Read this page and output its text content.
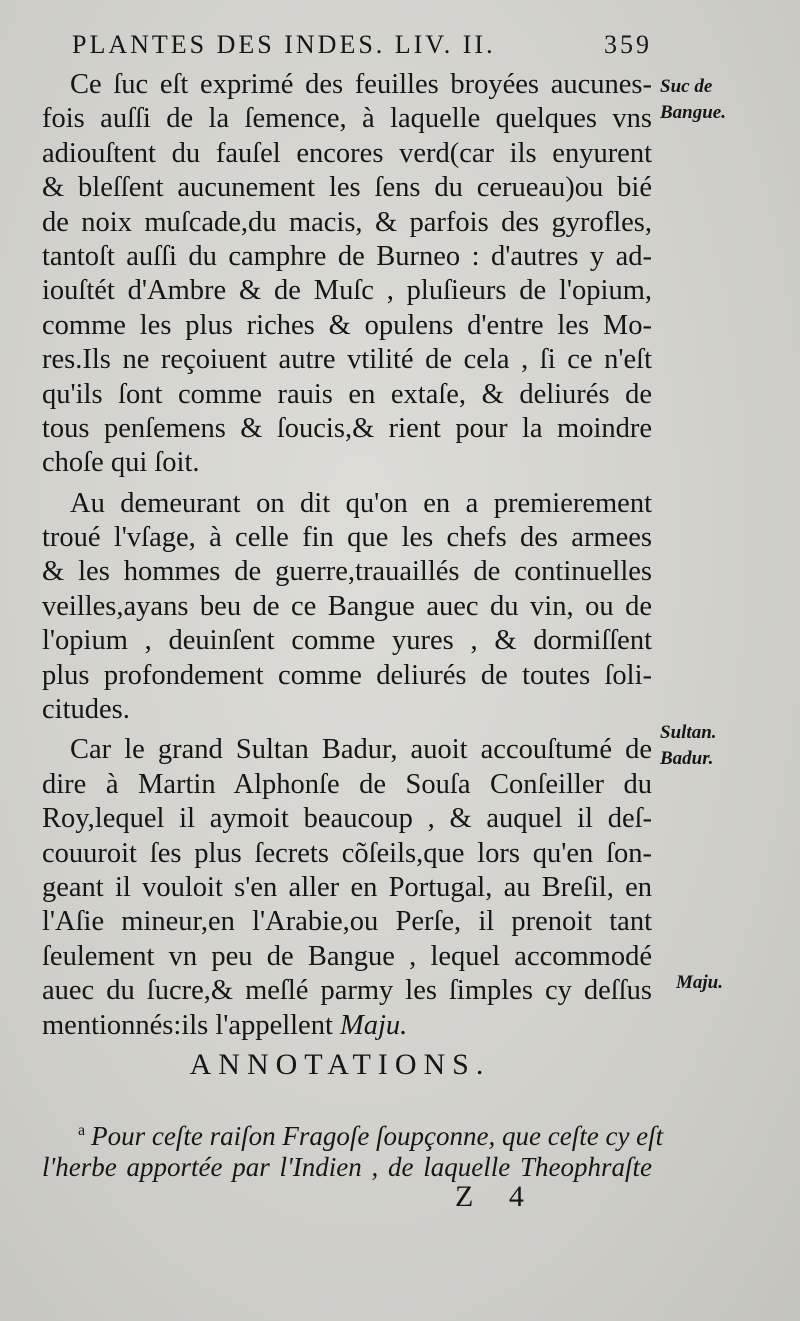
PLANTES DES INDES. LIV. II.	359
Ce ſuc eſt exprimé des feuilles broyées aucunes-
fois auſſi de la ſemence, à laquelle quelques vns
adiouſtent du fauſel encores verd(car ils enyurent
& bleſſent aucunement les ſens du cerueau)ou bié
de noix muſcade,du macis, & parfois des gyrofles,
tantoſt auſſi du camphre de Burneo : d'autres y ad-
iouſtét d'Ambre & de Muſc , pluſieurs de l'opium,
comme les plus riches & opulens d'entre les Mo-
res.Ils ne reçoiuent autre vtilité de cela , ſi ce n'eſt
qu'ils ſont comme rauis en extaſe, & deliurés de
tous penſemens & ſoucis,& rient pour la moindre
choſe qui ſoit.
Au demeurant on dit qu'on en a premierement
troué l'vſage, à celle fin que les chefs des armees
& les hommes de guerre,trauaillés de continuelles
veilles,ayans beu de ce Bangue auec du vin, ou de
l'opium , deuinſent comme yures , & dormiſſent
plus profondement comme deliurés de toutes ſoli-
citudes.
Car le grand Sultan Badur, auoit accouſtumé de
dire à Martin Alphonſe de Souſa Conſeiller du
Roy,lequel il aymoit beaucoup , & auquel il deſ-
couuroit ſes plus ſecrets cõſeils,que lors qu'en ſon-
geant il vouloit s'en aller en Portugal, au Breſil, en
l'Aſie mineur,en l'Arabie,ou Perſe, il prenoit tant
ſeulement vn peu de Bangue , lequel accommodé
auec du ſucre,& meſlé parmy les ſimples cy deſſus
mentionnés:ils l'appellent Maju.
Suc de
Bangue.
Sultan.
Badur.
Maju.
ANNOTATIONS.
$^a$ Pour ceſte raiſon Fragoſe ſoupçonne, que ceſte cy eſt
l'herbe apportée par l'Indien , de laquelle Theophraſte
Z 4
